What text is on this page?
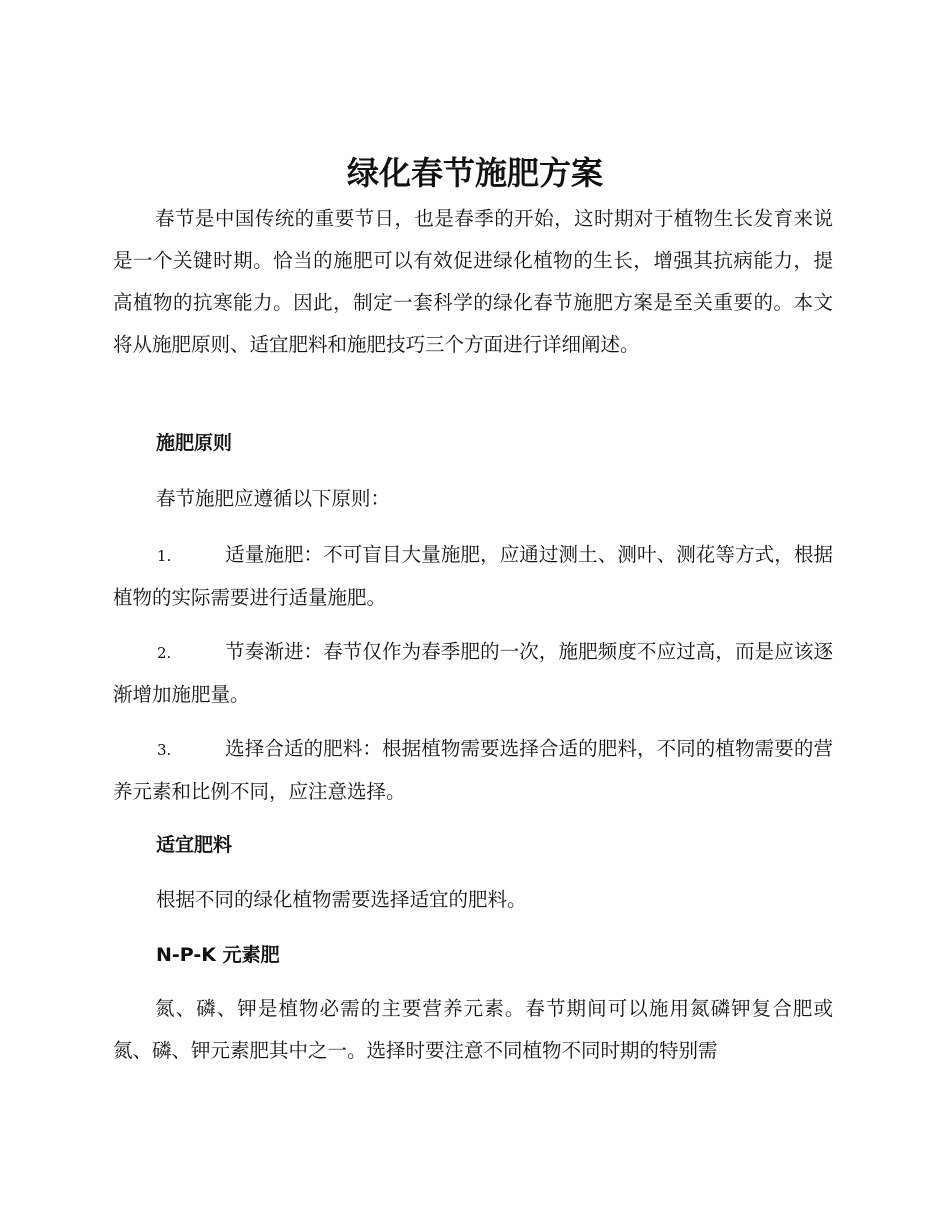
绿化春节施肥方案

春节是中国传统的重要节日，也是春季的开始，这时期对于植物生长发育来说是一个关键时期。恰当的施肥可以有效促进绿化植物的生长，增强其抗病能力，提高植物的抗寒能力。因此，制定一套科学的绿化春节施肥方案是至关重要的。本文将从施肥原则、适宜肥料和施肥技巧三个方面进行详细阐述。

施肥原则

春节施肥应遵循以下原则：

1.	适量施肥：不可盲目大量施肥，应通过测土、测叶、测花等方式，根据植物的实际需要进行适量施肥。

2.	节奏渐进：春节仅作为春季肥的一次，施肥频度不应过高，而是应该逐渐增加施肥量。

3.	选择合适的肥料：根据植物需要选择合适的肥料，不同的植物需要的营养元素和比例不同，应注意选择。

适宜肥料

根据不同的绿化植物需要选择适宜的肥料。

N-P-K 元素肥

氮、磷、钾是植物必需的主要营养元素。春节期间可以施用氮磷钾复合肥或氮、磷、钾元素肥其中之一。选择时要注意不同植物不同时期的特别需
